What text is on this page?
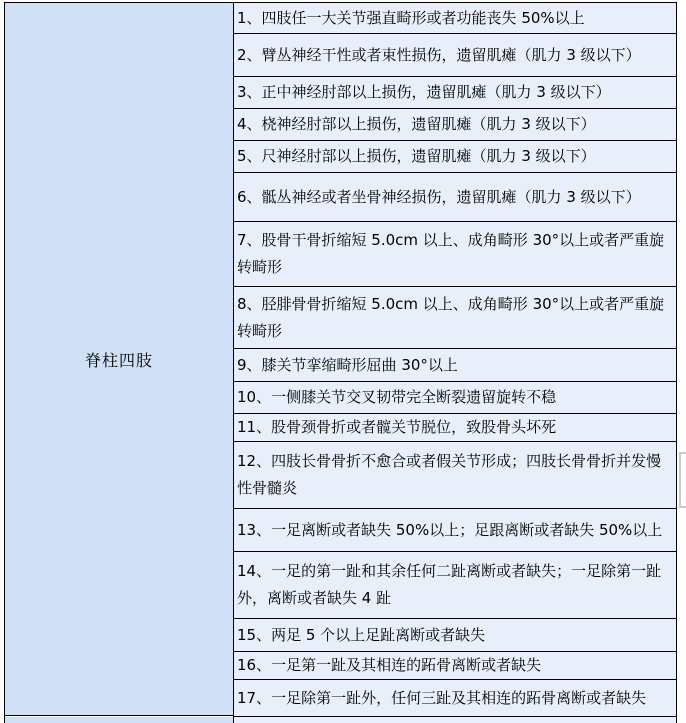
脊柱四肢
1、四肢任一大关节强直畸形或者功能丧失 50%以上
2、臂丛神经干性或者束性损伤，遗留肌瘫（肌力 3 级以下）
3、正中神经肘部以上损伤，遗留肌瘫（肌力 3 级以下）
4、桡神经肘部以上损伤，遗留肌瘫（肌力 3 级以下）
5、尺神经肘部以上损伤，遗留肌瘫（肌力 3 级以下）
6、骶丛神经或者坐骨神经损伤，遗留肌瘫（肌力 3 级以下）
7、股骨干骨折缩短 5.0cm 以上、成角畸形 30°以上或者严重旋转畸形
8、胫腓骨骨折缩短 5.0cm 以上、成角畸形 30°以上或者严重旋转畸形
9、膝关节挛缩畸形屈曲 30°以上
10、一侧膝关节交叉韧带完全断裂遗留旋转不稳
11、股骨颈骨折或者髋关节脱位，致股骨头坏死
12、四肢长骨骨折不愈合或者假关节形成；四肢长骨骨折并发慢性骨髓炎
13、一足离断或者缺失 50%以上；足跟离断或者缺失 50%以上
14、一足的第一趾和其余任何二趾离断或者缺失；一足除第一趾外，离断或者缺失 4 趾
15、两足 5 个以上足趾离断或者缺失
16、一足第一趾及其相连的跖骨离断或者缺失
17、一足除第一趾外，任何三趾及其相连的跖骨离断或者缺失
